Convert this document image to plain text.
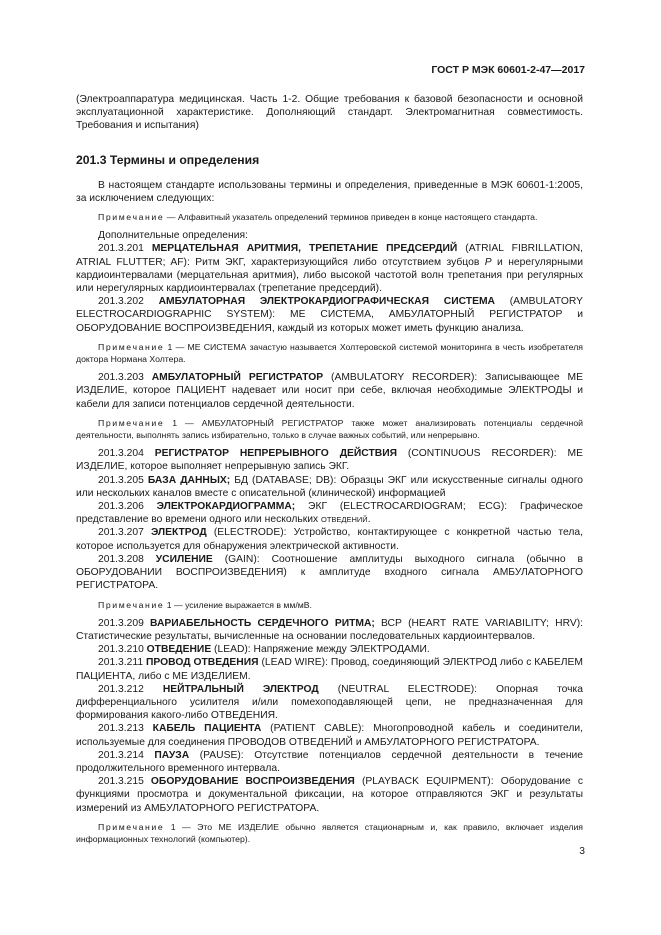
ГОСТ Р МЭК 60601-2-47—2017

(Электроаппаратура медицинская. Часть 1-2. Общие требования к базовой безопасности и основной эксплуатационной характеристике. Дополняющий стандарт. Электромагнитная совместимость. Требования и испытания)

201.3 Термины и определения

В настоящем стандарте использованы термины и определения, приведенные в МЭК 60601-1:2005, за исключением следующих:

Примечание — Алфавитный указатель определений терминов приведен в конце настоящего стандарта.

Дополнительные определения:

201.3.201 МЕРЦАТЕЛЬНАЯ АРИТМИЯ, ТРЕПЕТАНИЕ ПРЕДСЕРДИЙ (ATRIAL FIBRILLATION, ATRIAL FLUTTER; AF): Ритм ЭКГ, характеризующийся либо отсутствием зубцов P и нерегулярными кардиоинтервалами (мерцательная аритмия), либо высокой частотой волн трепетания при регулярных или нерегулярных кардиоинтервалах (трепетание предсердий).

201.3.202 АМБУЛАТОРНАЯ ЭЛЕКТРОКАРДИОГРАФИЧЕСКАЯ СИСТЕМА (AMBULATORY ELECTROCARDIOGRAPHIC SYSTEM): МЕ СИСТЕМА, АМБУЛАТОРНЫЙ РЕГИСТРАТОР и ОБОРУДОВАНИЕ ВОСПРОИЗВЕДЕНИЯ, каждый из которых может иметь функцию анализа.

Примечание 1 — МЕ СИСТЕМА зачастую называется Холтеровской системой мониторинга в честь изобретателя доктора Нормана Холтера.

201.3.203 АМБУЛАТОРНЫЙ РЕГИСТРАТОР (AMBULATORY RECORDER): Записывающее МЕ ИЗДЕЛИЕ, которое ПАЦИЕНТ надевает или носит при себе, включая необходимые ЭЛЕКТРОДЫ и кабели для записи потенциалов сердечной деятельности.

Примечание 1 — АМБУЛАТОРНЫЙ РЕГИСТРАТОР также может анализировать потенциалы сердечной деятельности, выполнять запись избирательно, только в случае важных событий, или непрерывно.

201.3.204 РЕГИСТРАТОР НЕПРЕРЫВНОГО ДЕЙСТВИЯ (CONTINUOUS RECORDER): МЕ ИЗДЕЛИЕ, которое выполняет непрерывную запись ЭКГ.

201.3.205 БАЗА ДАННЫХ; БД (DATABASE; DB): Образцы ЭКГ или искусственные сигналы одного или нескольких каналов вместе с описательной (клинической) информацией

201.3.206 ЭЛЕКТРОКАРДИОГРАММА; ЭКГ (ELECTROCARDIOGRAM; ECG): Графическое представление во времени одного или нескольких ОТВЕДЕНИЙ.

201.3.207 ЭЛЕКТРОД (ELECTRODE): Устройство, контактирующее с конкретной частью тела, которое используется для обнаружения электрической активности.

201.3.208 УСИЛЕНИЕ (GAIN): Соотношение амплитуды выходного сигнала (обычно в ОБОРУДОВАНИИ ВОСПРОИЗВЕДЕНИЯ) к амплитуде входного сигнала АМБУЛАТОРНОГО РЕГИСТРАТОРА.

Примечание 1 — усиление выражается в мм/мВ.

201.3.209 ВАРИАБЕЛЬНОСТЬ СЕРДЕЧНОГО РИТМА; ВСР (HEART RATE VARIABILITY; HRV): Статистические результаты, вычисленные на основании последовательных кардиоинтервалов.

201.3.210 ОТВЕДЕНИЕ (LEAD): Напряжение между ЭЛЕКТРОДАМИ.

201.3.211 ПРОВОД ОТВЕДЕНИЯ (LEAD WIRE): Провод, соединяющий ЭЛЕКТРОД либо с КАБЕЛЕМ ПАЦИЕНТА, либо с МЕ ИЗДЕЛИЕМ.

201.3.212 НЕЙТРАЛЬНЫЙ ЭЛЕКТРОД (NEUTRAL ELECTRODE): Опорная точка дифференциального усилителя и/или помехоподавляющей цепи, не предназначенная для формирования какого-либо ОТВЕДЕНИЯ.

201.3.213 КАБЕЛЬ ПАЦИЕНТА (PATIENT CABLE): Многопроводной кабель и соединители, используемые для соединения ПРОВОДОВ ОТВЕДЕНИЙ и АМБУЛАТОРНОГО РЕГИСТРАТОРА.

201.3.214 ПАУЗА (PAUSE): Отсутствие потенциалов сердечной деятельности в течение продолжительного временного интервала.

201.3.215 ОБОРУДОВАНИЕ ВОСПРОИЗВЕДЕНИЯ (PLAYBACK EQUIPMENT): Оборудование с функциями просмотра и документальной фиксации, на которое отправляются ЭКГ и результаты измерений из АМБУЛАТОРНОГО РЕГИСТРАТОРА.

Примечание 1 — Это МЕ ИЗДЕЛИЕ обычно является стационарным и, как правило, включает изделия информационных технологий (компьютер).

3
